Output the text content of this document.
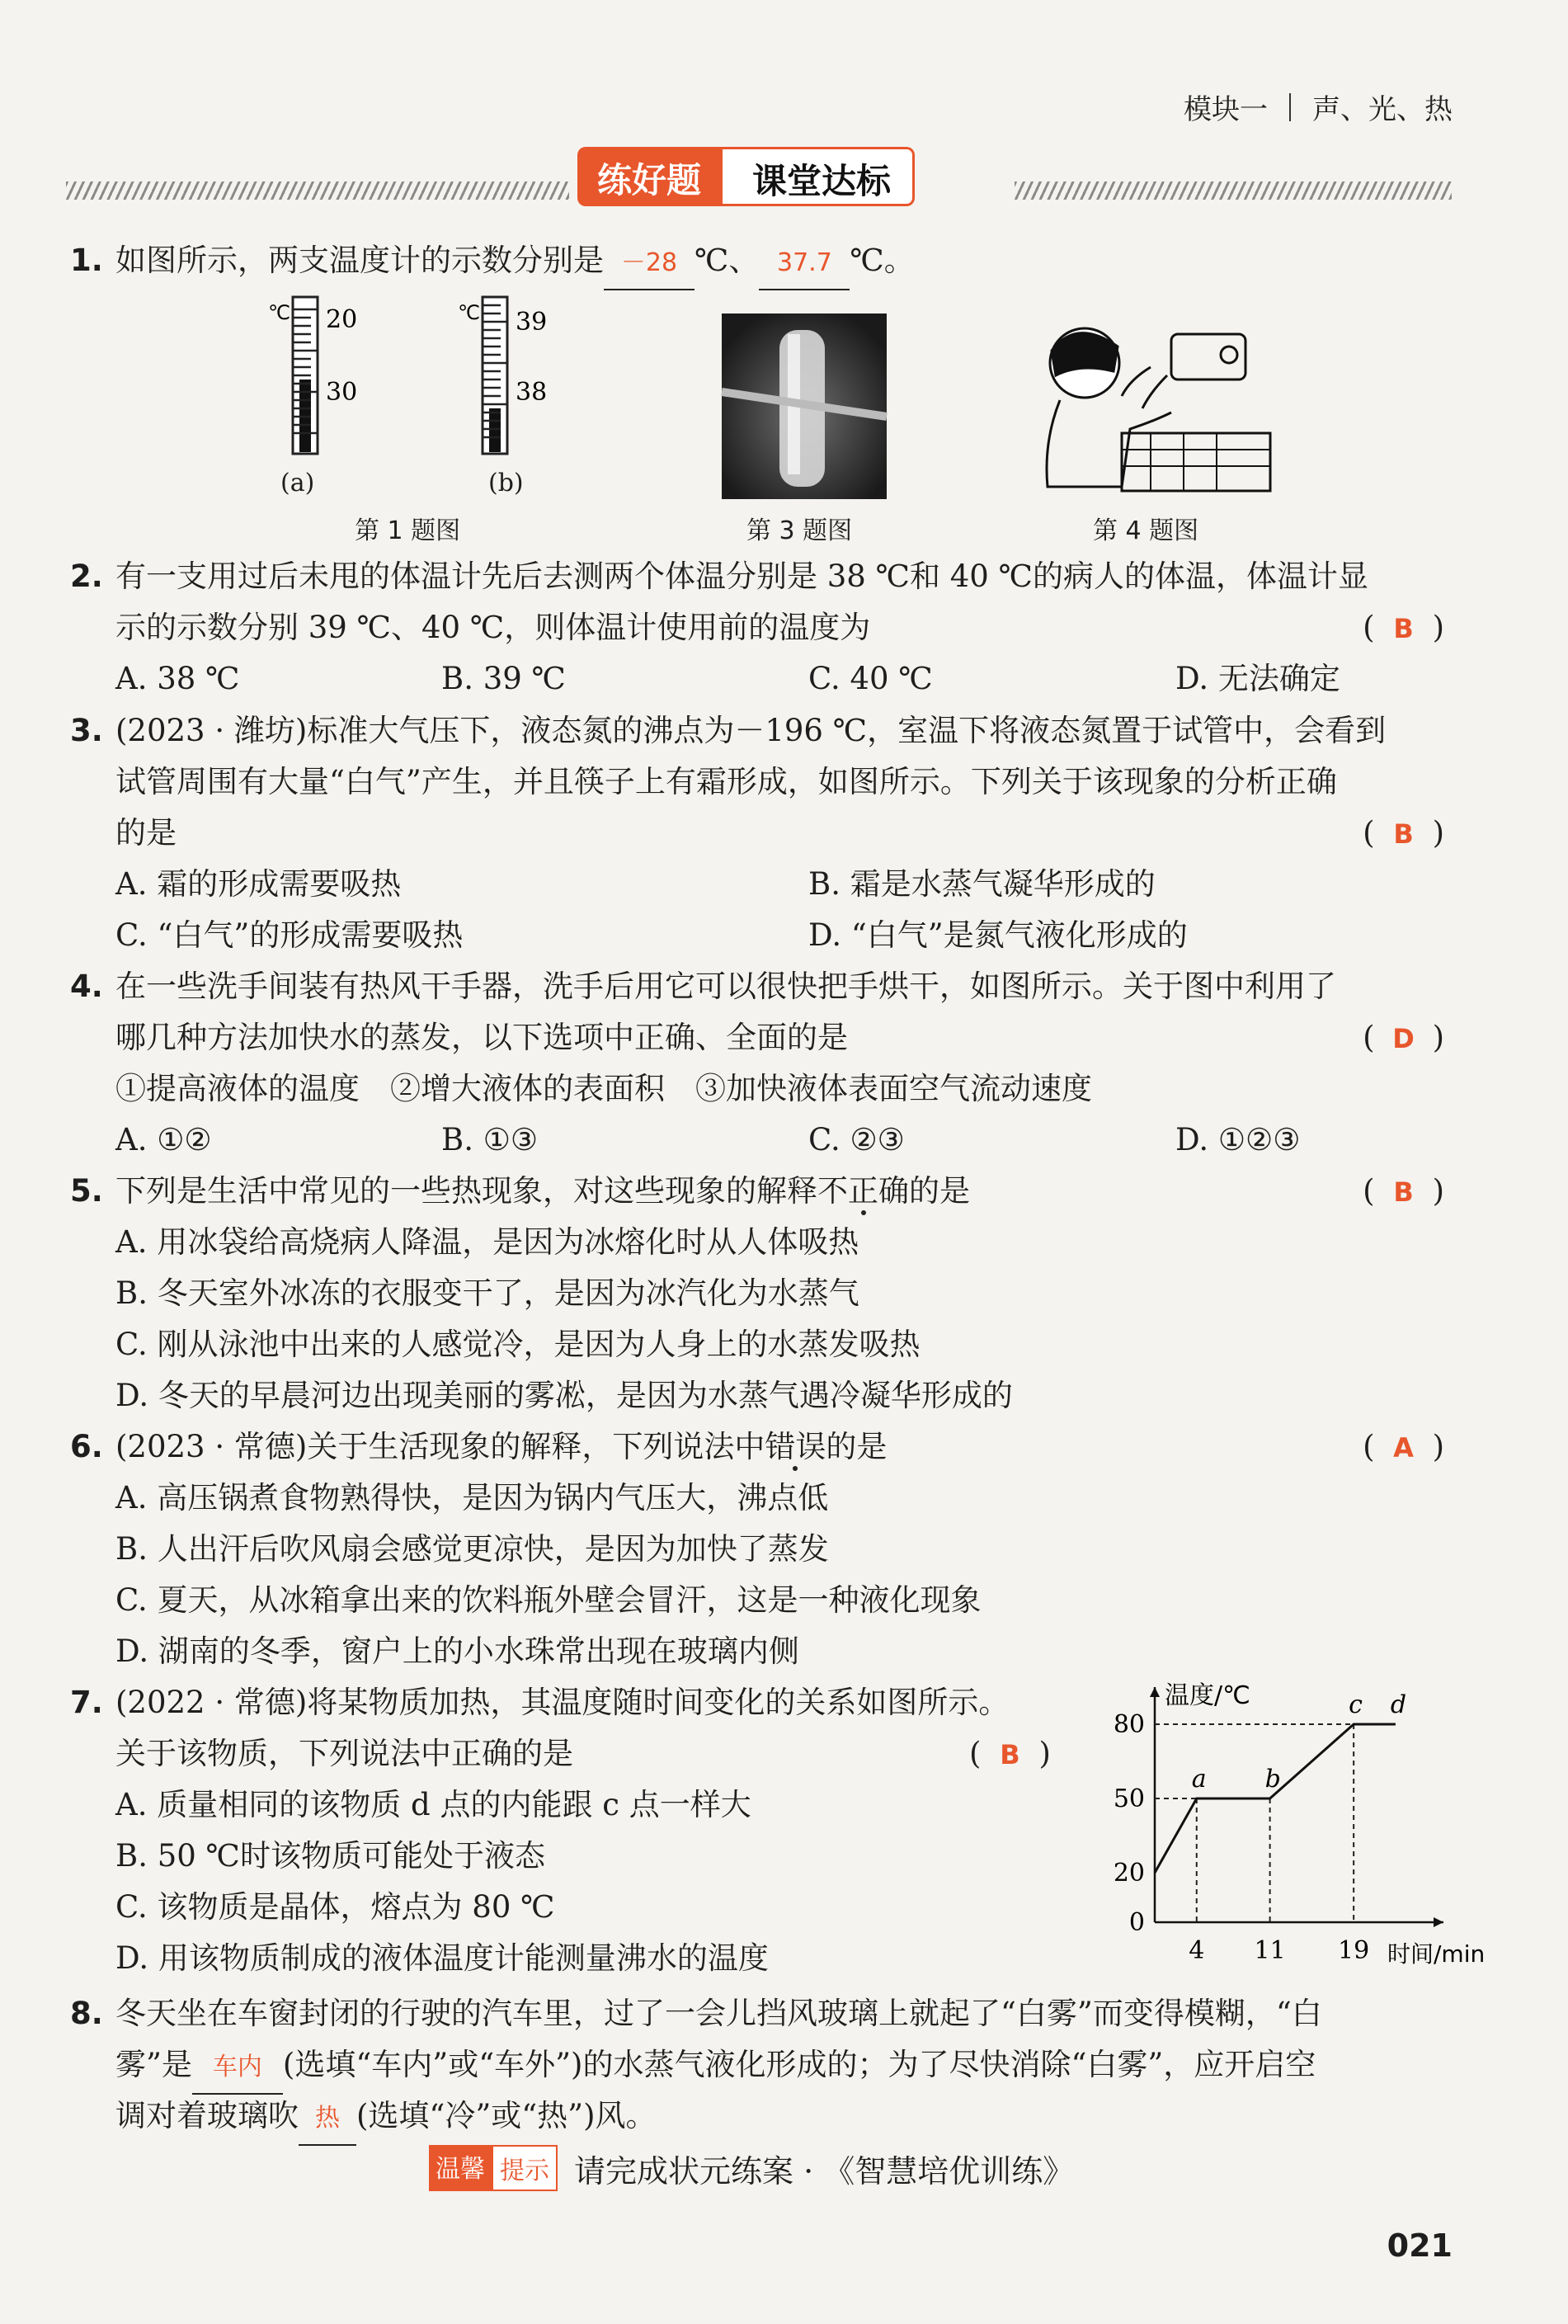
模块一 声、光、热
练好题	课堂达标
1. 如图所示，两支温度计的示数分别是 －28 ℃、 37.7 ℃。
℃ 20
30
(a)
℃ 39
38
(b)
第 1 题图	第 3 题图	第 4 题图
2. 有一支用过后未甩的体温计先后去测两个体温分别是 38 ℃和 40 ℃的病人的体温，体温计显
示的示数分别 39 ℃、40 ℃，则体温计使用前的温度为	( B )
A. 38 ℃	B. 39 ℃	C. 40 ℃	D. 无法确定
3. (2023 · 潍坊)标准大气压下，液态氮的沸点为－196 ℃，室温下将液态氮置于试管中，会看到
试管周围有大量“白气”产生，并且筷子上有霜形成，如图所示。下列关于该现象的分析正确
的是	( B )
A. 霜的形成需要吸热	B. 霜是水蒸气凝华形成的
C. “白气”的形成需要吸热	D. “白气”是氮气液化形成的
4. 在一些洗手间装有热风干手器，洗手后用它可以很快把手烘干，如图所示。关于图中利用了
哪几种方法加快水的蒸发，以下选项中正确、全面的是	( D )
①提高液体的温度　②增大液体的表面积　③加快液体表面空气流动速度
A. ①②	B. ①③	C. ②③	D. ①②③
5. 下列是生活中常见的一些热现象，对这些现象的解释不正确的是	( B )
A. 用冰袋给高烧病人降温，是因为冰熔化时从人体吸热
B. 冬天室外冰冻的衣服变干了，是因为冰汽化为水蒸气
C. 刚从泳池中出来的人感觉冷，是因为人身上的水蒸发吸热
D. 冬天的早晨河边出现美丽的雾凇，是因为水蒸气遇冷凝华形成的
6. (2023 · 常德)关于生活现象的解释，下列说法中错误的是	( A )
A. 高压锅煮食物熟得快，是因为锅内气压大，沸点低
B. 人出汗后吹风扇会感觉更凉快，是因为加快了蒸发
C. 夏天，从冰箱拿出来的饮料瓶外壁会冒汗，这是一种液化现象
D. 湖南的冬季，窗户上的小水珠常出现在玻璃内侧
7. (2022 · 常德)将某物质加热，其温度随时间变化的关系如图所示。
关于该物质，下列说法中正确的是	( B )
A. 质量相同的该物质 d 点的内能跟 c 点一样大
B. 50 ℃时该物质可能处于液态
C. 该物质是晶体，熔点为 80 ℃
D. 用该物质制成的液体温度计能测量沸水的温度
温度/℃
时间/min
20
50
80
0
4 11 19
a b
c d
8. 冬天坐在车窗封闭的行驶的汽车里，过了一会儿挡风玻璃上就起了“白雾”而变得模糊，“白
雾”是 车内 (选填“车内”或“车外”)的水蒸气液化形成的；为了尽快消除“白雾”，应开启空
调对着玻璃吹 热 (选填“冷”或“热”)风。
温馨 提示 请完成状元练案 · 《智慧培优训练》
021
